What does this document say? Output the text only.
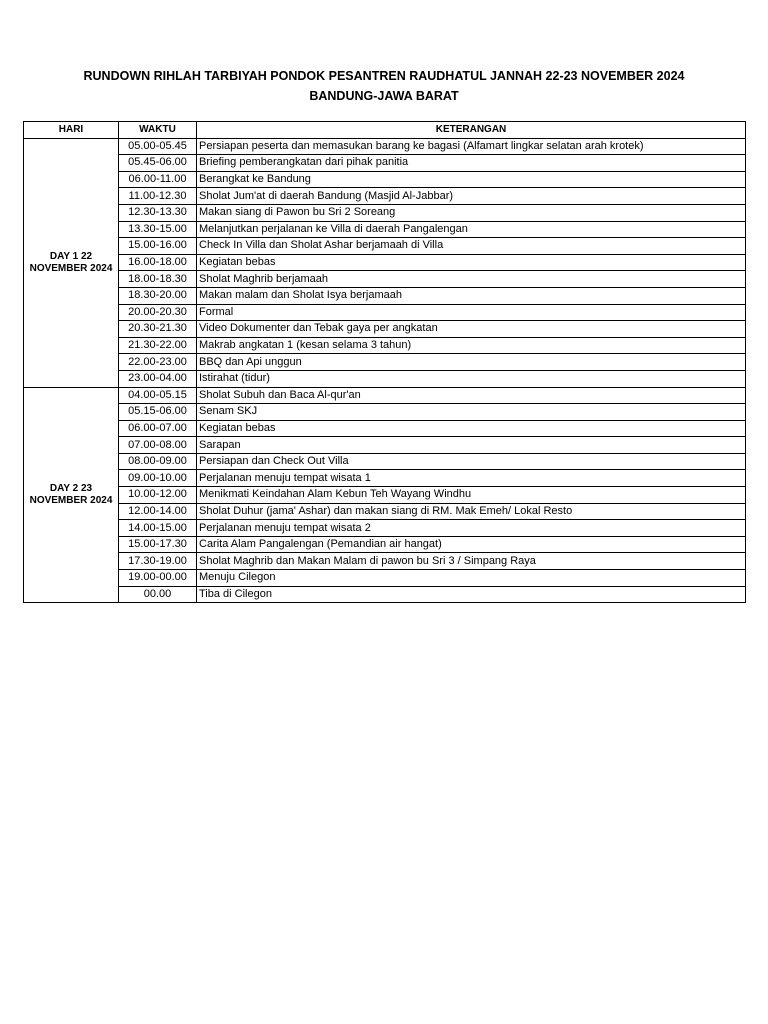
RUNDOWN RIHLAH TARBIYAH PONDOK PESANTREN RAUDHATUL JANNAH 22-23 NOVEMBER 2024
BANDUNG-JAWA BARAT
HARI	WAKTU	KETERANGAN
DAY 1 22 NOVEMBER 2024	05.00-05.45	Persiapan peserta dan memasukan barang ke bagasi (Alfamart lingkar selatan arah krotek)
	05.45-06.00	Briefing pemberangkatan dari pihak panitia
	06.00-11.00	Berangkat ke Bandung
	11.00-12.30	Sholat Jum'at di daerah Bandung (Masjid Al-Jabbar)
	12.30-13.30	Makan siang di Pawon bu Sri 2 Soreang
	13.30-15.00	Melanjutkan perjalanan ke Villa di daerah Pangalengan
	15.00-16.00	Check In Villa dan Sholat Ashar berjamaah di Villa
	16.00-18.00	Kegiatan bebas
	18.00-18.30	Sholat Maghrib berjamaah
	18.30-20.00	Makan malam dan Sholat Isya berjamaah
	20.00-20.30	Formal
	20.30-21.30	Video Dokumenter dan Tebak gaya per angkatan
	21.30-22.00	Makrab angkatan 1 (kesan selama 3 tahun)
	22.00-23.00	BBQ dan Api unggun
	23.00-04.00	Istirahat (tidur)
DAY 2 23 NOVEMBER 2024	04.00-05.15	Sholat Subuh dan Baca Al-qur'an
	05.15-06.00	Senam SKJ
	06.00-07.00	Kegiatan bebas
	07.00-08.00	Sarapan
	08.00-09.00	Persiapan dan Check Out Villa
	09.00-10.00	Perjalanan menuju tempat wisata 1
	10.00-12.00	Menikmati Keindahan Alam Kebun Teh Wayang Windhu
	12.00-14.00	Sholat Duhur (jama' Ashar) dan makan siang di RM. Mak Emeh/ Lokal Resto
	14.00-15.00	Perjalanan menuju tempat wisata 2
	15.00-17.30	Carita Alam Pangalengan (Pemandian air hangat)
	17.30-19.00	Sholat Maghrib dan Makan Malam di pawon bu Sri 3 / Simpang Raya
	19.00-00.00	Menuju Cilegon
	00.00	Tiba di Cilegon
